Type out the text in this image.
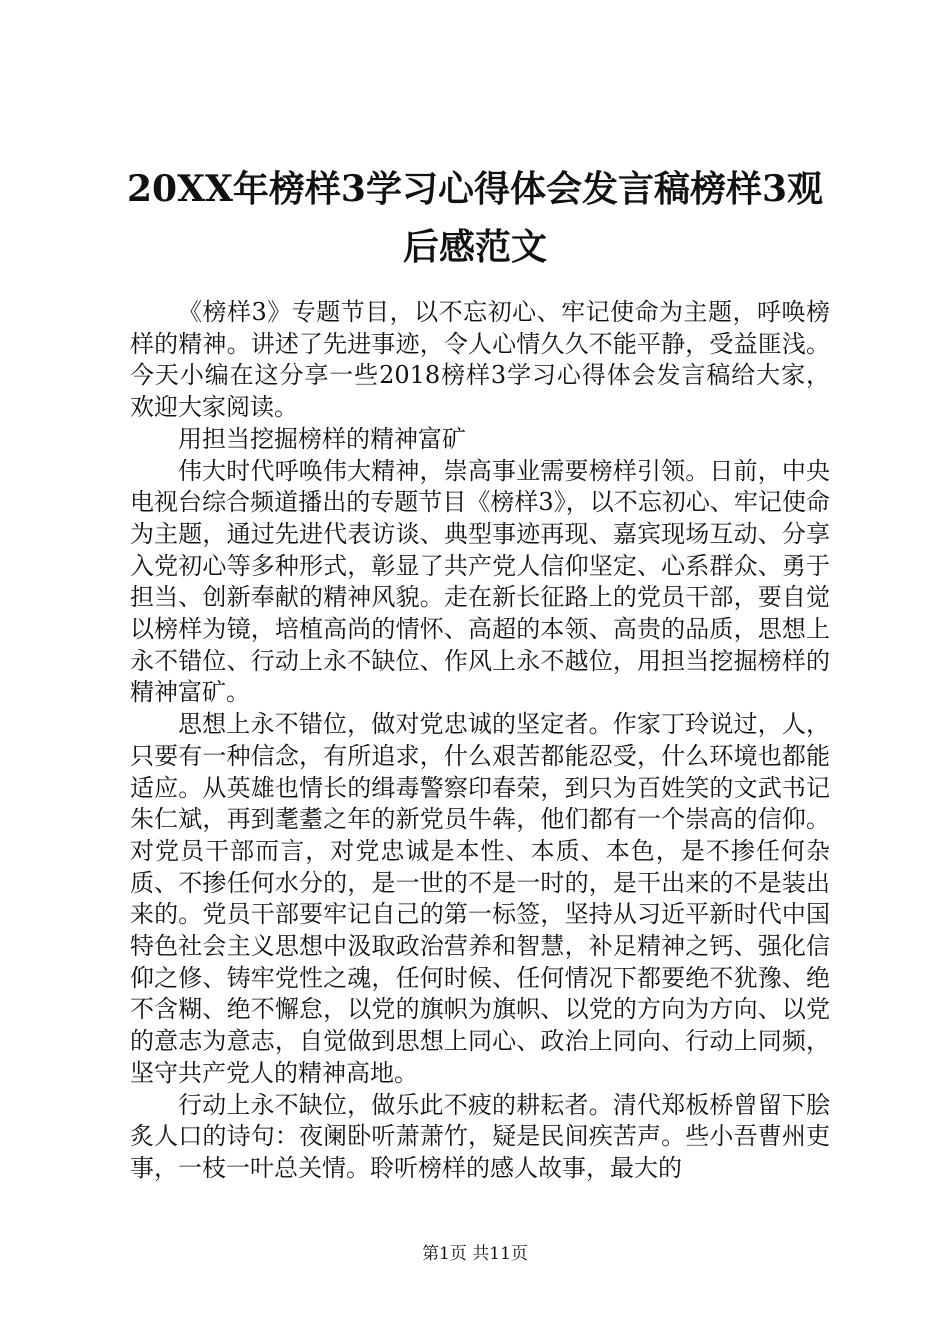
20XX年榜样3学习心得体会发言稿榜样3观后感范文

《榜样3》专题节目，以不忘初心、牢记使命为主题，呼唤榜样的精神。讲述了先进事迹，令人心情久久不能平静，受益匪浅。今天小编在这分享一些2018榜样3学习心得体会发言稿给大家，欢迎大家阅读。

用担当挖掘榜样的精神富矿

伟大时代呼唤伟大精神，崇高事业需要榜样引领。日前，中央电视台综合频道播出的专题节目《榜样3》，以不忘初心、牢记使命为主题，通过先进代表访谈、典型事迹再现、嘉宾现场互动、分享入党初心等多种形式，彰显了共产党人信仰坚定、心系群众、勇于担当、创新奉献的精神风貌。走在新长征路上的党员干部，要自觉以榜样为镜，培植高尚的情怀、高超的本领、高贵的品质，思想上永不错位、行动上永不缺位、作风上永不越位，用担当挖掘榜样的精神富矿。

思想上永不错位，做对党忠诚的坚定者。作家丁玲说过，人，只要有一种信念，有所追求，什么艰苦都能忍受，什么环境也都能适应。从英雄也情长的缉毒警察印春荣，到只为百姓笑的文武书记朱仁斌，再到耄耋之年的新党员牛犇，他们都有一个崇高的信仰。对党员干部而言，对党忠诚是本性、本质、本色，是不掺任何杂质、不掺任何水分的，是一世的不是一时的，是干出来的不是装出来的。党员干部要牢记自己的第一标签，坚持从习近平新时代中国特色社会主义思想中汲取政治营养和智慧，补足精神之钙、强化信仰之修、铸牢党性之魂，任何时候、任何情况下都要绝不犹豫、绝不含糊、绝不懈怠，以党的旗帜为旗帜、以党的方向为方向、以党的意志为意志，自觉做到思想上同心、政治上同向、行动上同频，坚守共产党人的精神高地。

行动上永不缺位，做乐此不疲的耕耘者。清代郑板桥曾留下脍炙人口的诗句：夜阑卧听萧萧竹，疑是民间疾苦声。些小吾曹州吏事，一枝一叶总关情。聆听榜样的感人故事，最大的

第1页 共11页
